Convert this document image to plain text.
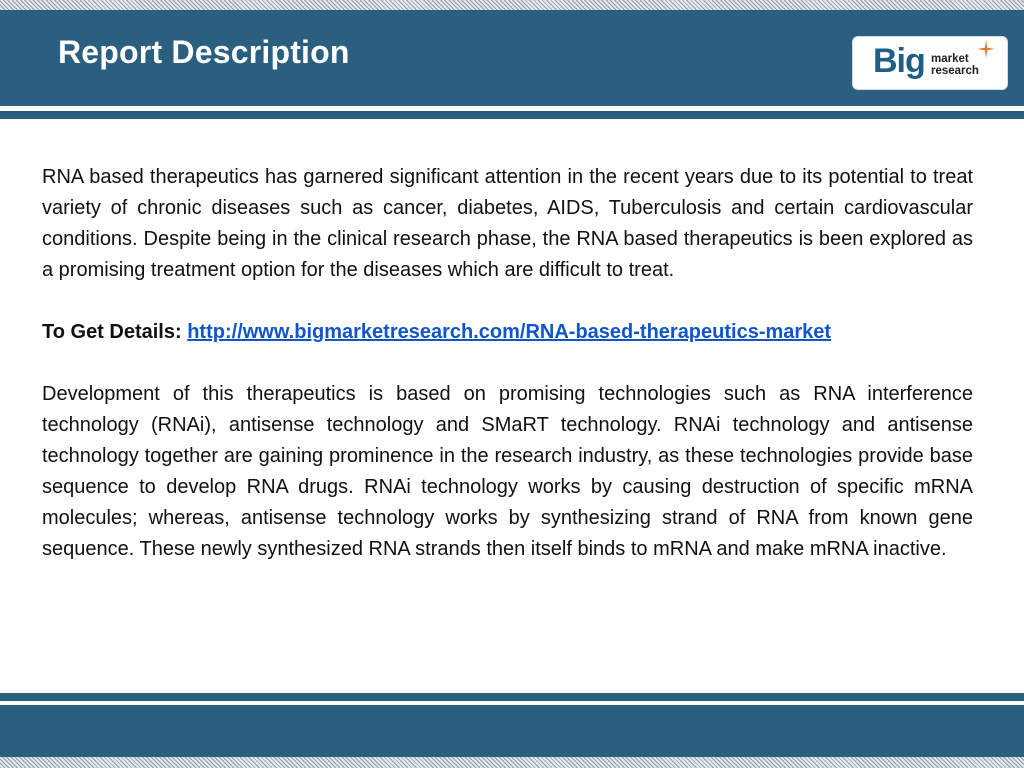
Report Description	Big market
research

RNA based therapeutics has garnered significant attention in the recent years due to its potential to treat variety of chronic diseases such as cancer, diabetes, AIDS, Tuberculosis and certain cardiovascular conditions. Despite being in the clinical research phase, the RNA based therapeutics is been explored as a promising treatment option for the diseases which are difficult to treat.

To Get Details: http://www.bigmarketresearch.com/RNA-based-therapeutics-market

Development of this therapeutics is based on promising technologies such as RNA interference technology (RNAi), antisense technology and SMaRT technology. RNAi technology and antisense technology together are gaining prominence in the research industry, as these technologies provide base sequence to develop RNA drugs. RNAi technology works by causing destruction of specific mRNA molecules; whereas, antisense technology works by synthesizing strand of RNA from known gene sequence. These newly synthesized RNA strands then itself binds to mRNA and make mRNA inactive.
